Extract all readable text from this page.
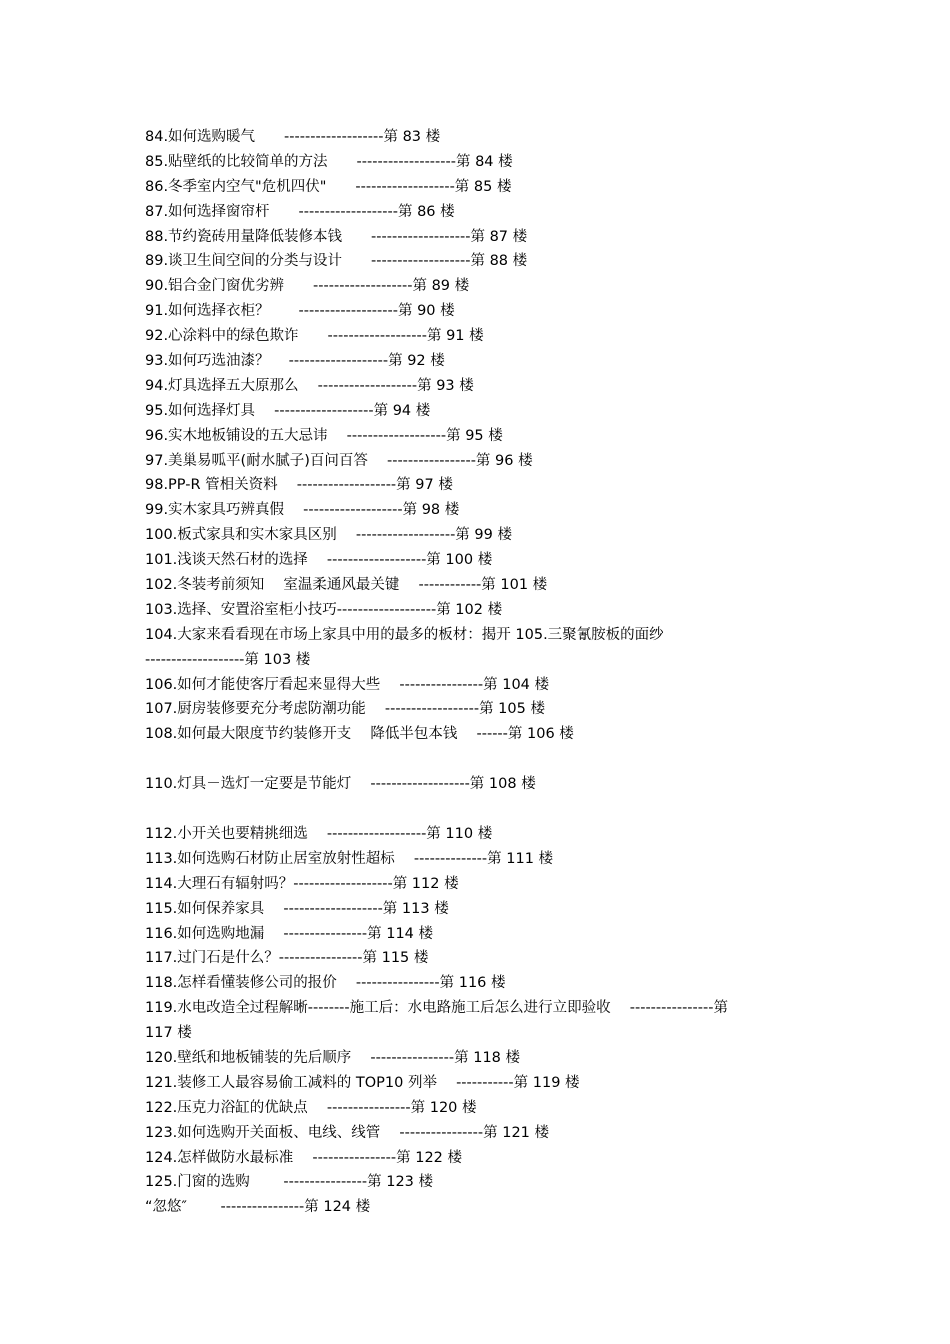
84.如何选购暖气　　-------------------第 83 楼
85.贴壁纸的比较简单的方法　　-------------------第 84 楼
86.冬季室内空气"危机四伏"　　-------------------第 85 楼
87.如何选择窗帘杆　　-------------------第 86 楼
88.节约瓷砖用量降低装修本钱　　-------------------第 87 楼
89.谈卫生间空间的分类与设计　　-------------------第 88 楼
90.铝合金门窗优劣辨　　-------------------第 89 楼
91.如何选择衣柜？　　-------------------第 90 楼
92.心涂料中的绿色欺诈　　-------------------第 91 楼
93.如何巧选油漆？　 -------------------第 92 楼
94.灯具选择五大原那么　 -------------------第 93 楼
95.如何选择灯具　 -------------------第 94 楼
96.实木地板铺设的五大忌讳　 -------------------第 95 楼
97.美巢易呱平(耐水腻子)百问百答　 -----------------第 96 楼
98.PP-R 管相关资料　 -------------------第 97 楼
99.实木家具巧辨真假　 -------------------第 98 楼
100.板式家具和实木家具区别　 -------------------第 99 楼
101.浅谈天然石材的选择　 -------------------第 100 楼
102.冬装考前须知　 室温柔通风最关键　 ------------第 101 楼
103.选择、安置浴室柜小技巧-------------------第 102 楼
104.大家来看看现在市场上家具中用的最多的板材：揭开 105.三聚氰胺板的面纱
-------------------第 103 楼
106.如何才能使客厅看起来显得大些　 ----------------第 104 楼
107.厨房装修要充分考虑防潮功能　 ------------------第 105 楼
108.如何最大限度节约装修开支　 降低半包本钱　 ------第 106 楼
110.灯具－选灯一定要是节能灯　 -------------------第 108 楼
112.小开关也要精挑细选　 -------------------第 110 楼
113.如何选购石材防止居室放射性超标　 --------------第 111 楼
114.大理石有辐射吗？-------------------第 112 楼
115.如何保养家具　 -------------------第 113 楼
116.如何选购地漏　 ----------------第 114 楼
117.过门石是什么？----------------第 115 楼
118.怎样看懂装修公司的报价　 ----------------第 116 楼
119.水电改造全过程解晰--------施工后：水电路施工后怎么进行立即验收　 ----------------第
117 楼
120.壁纸和地板铺装的先后顺序　 ----------------第 118 楼
121.装修工人最容易偷工减料的 TOP10 列举　 -----------第 119 楼
122.压克力浴缸的优缺点　 ----------------第 120 楼
123.如何选购开关面板、电线、线管　 ----------------第 121 楼
124.怎样做防水最标准　 ----------------第 122 楼
125.门窗的选购　　 ----------------第 123 楼
“忽悠″　　 ----------------第 124 楼
